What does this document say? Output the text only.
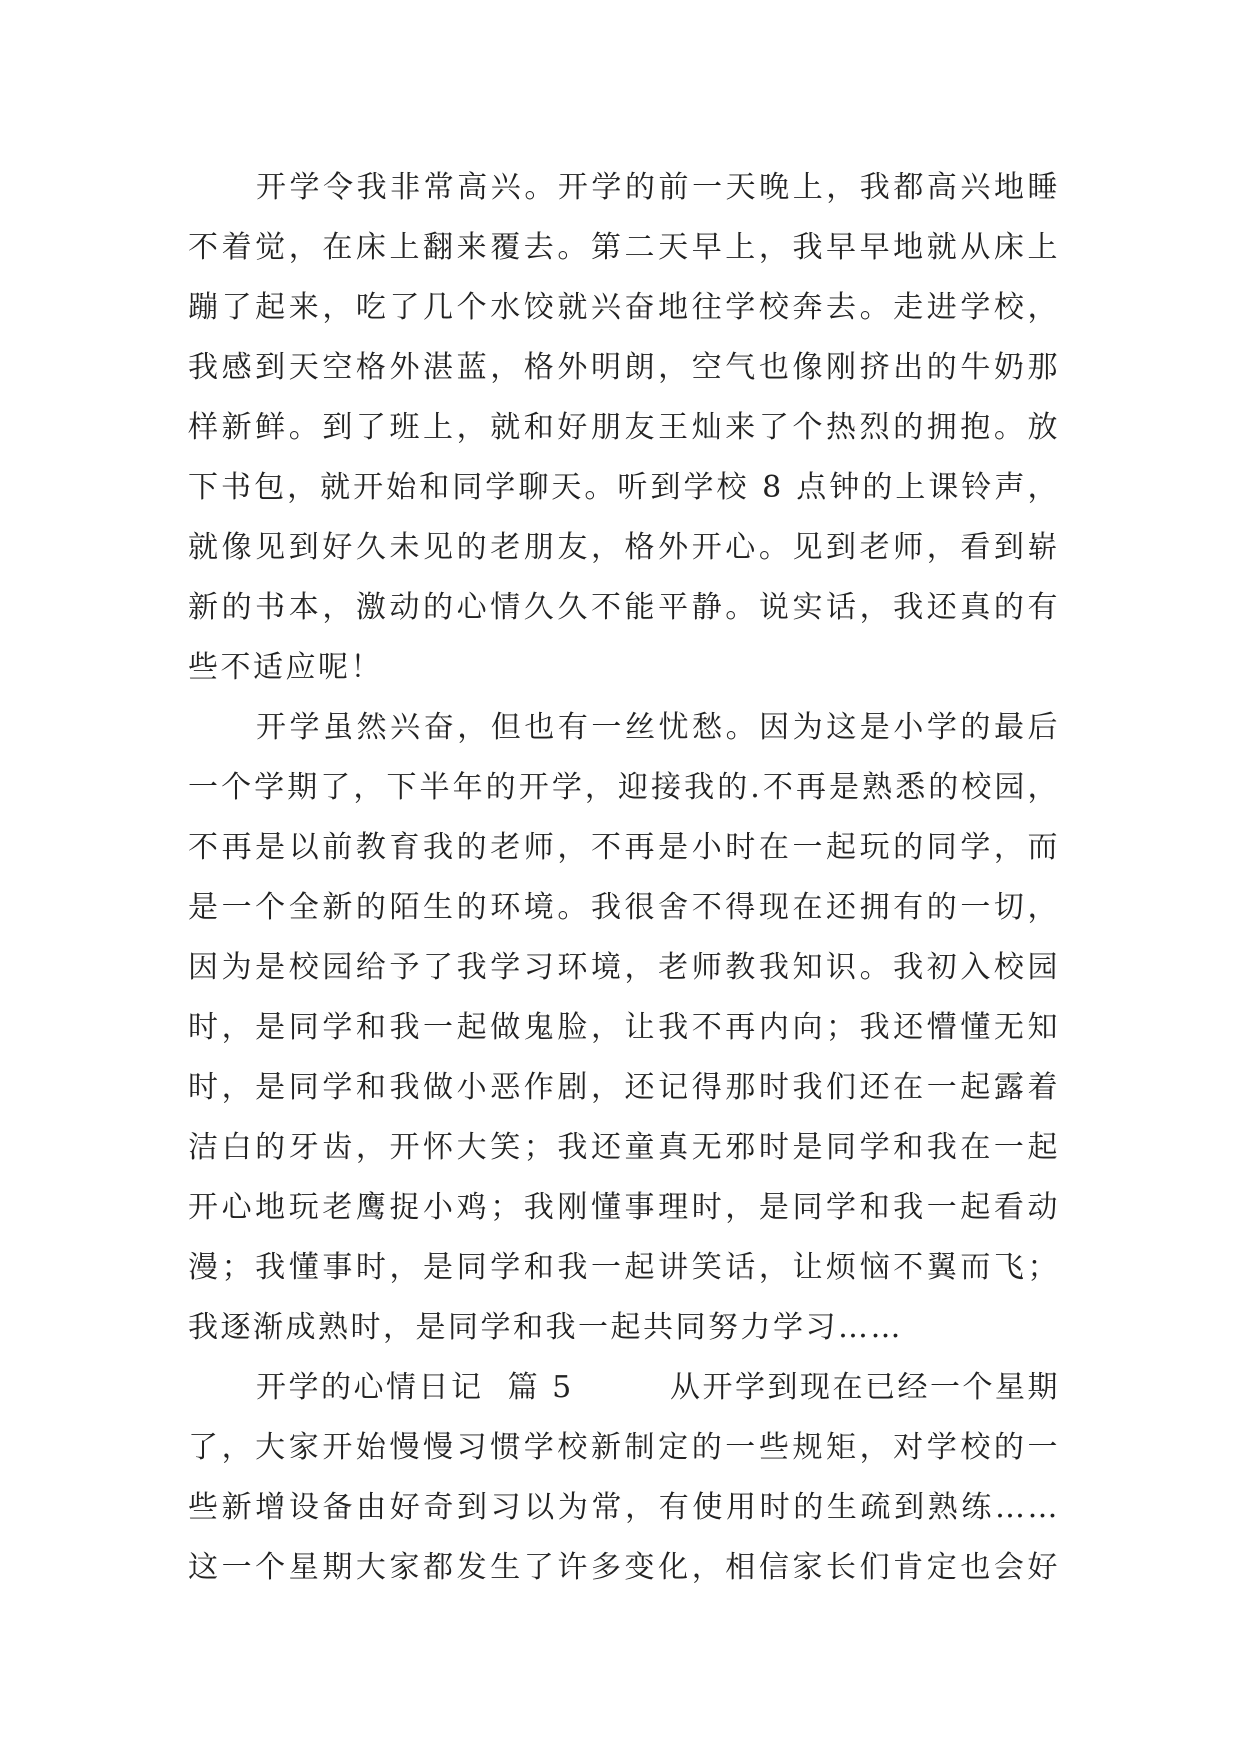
开学令我非常高兴。开学的前一天晚上，我都高兴地睡
不着觉，在床上翻来覆去。第二天早上，我早早地就从床上
蹦了起来，吃了几个水饺就兴奋地往学校奔去。走进学校，
我感到天空格外湛蓝，格外明朗，空气也像刚挤出的牛奶那
样新鲜。到了班上，就和好朋友王灿来了个热烈的拥抱。放
下书包，就开始和同学聊天。听到学校 8 点钟的上课铃声，
就像见到好久未见的老朋友，格外开心。见到老师，看到崭
新的书本，激动的心情久久不能平静。说实话，我还真的有
些不适应呢！
开学虽然兴奋，但也有一丝忧愁。因为这是小学的最后
一个学期了，下半年的开学，迎接我的.不再是熟悉的校园，
不再是以前教育我的老师，不再是小时在一起玩的同学，而
是一个全新的陌生的环境。我很舍不得现在还拥有的一切，
因为是校园给予了我学习环境，老师教我知识。我初入校园
时，是同学和我一起做鬼脸，让我不再内向；我还懵懂无知
时，是同学和我做小恶作剧，还记得那时我们还在一起露着
洁白的牙齿，开怀大笑；我还童真无邪时是同学和我在一起
开心地玩老鹰捉小鸡；我刚懂事理时，是同学和我一起看动
漫；我懂事时，是同学和我一起讲笑话，让烦恼不翼而飞；
我逐渐成熟时，是同学和我一起共同努力学习……
开学的心情日记  篇 5        从开学到现在已经一个星期
了，大家开始慢慢习惯学校新制定的一些规矩，对学校的一
些新增设备由好奇到习以为常，有使用时的生疏到熟练……
这一个星期大家都发生了许多变化，相信家长们肯定也会好
